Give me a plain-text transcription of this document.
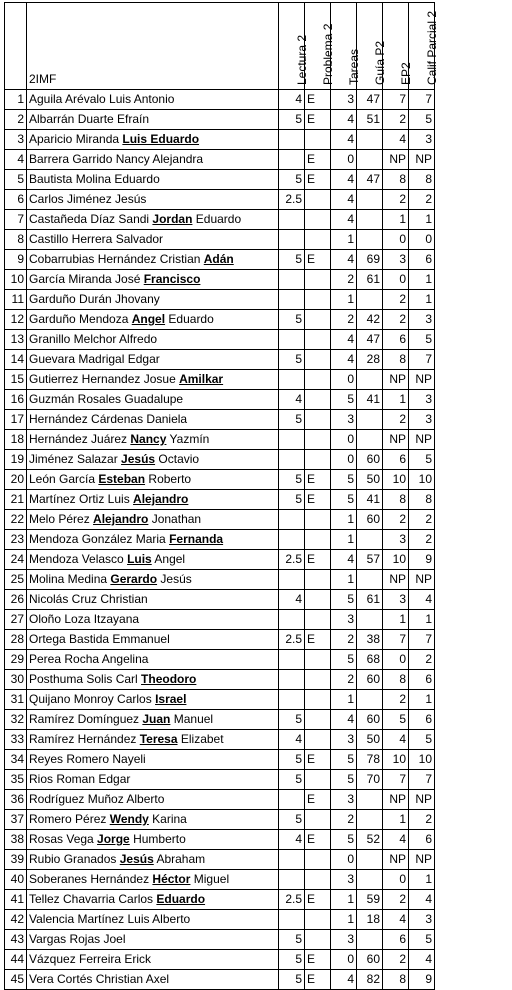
	2IMF	Lectura 2	Problema 2	Tareas	Guía P2	EP2	Calif Parcial 2

1	Aguila Arévalo Luis Antonio	4	E	3	47	7	7
2	Albarrán Duarte Efraín	5	E	4	51	2	5
3	Aparicio Miranda Luis Eduardo			4		4	3
4	Barrera Garrido Nancy Alejandra		E	0		NP	NP
5	Bautista Molina Eduardo	5	E	4	47	8	8
6	Carlos Jiménez Jesús	2.5		4		2	2
7	Castañeda Díaz Sandi Jordan Eduardo			4		1	1
8	Castillo Herrera Salvador			1		0	0
9	Cobarrubias Hernández Cristian Adán	5	E	4	69	3	6
10	García Miranda José Francisco			2	61	0	1
11	Garduño Durán Jhovany			1		2	1
12	Garduño Mendoza Angel Eduardo	5		2	42	2	3
13	Granillo Melchor Alfredo			4	47	6	5
14	Guevara Madrigal Edgar	5		4	28	8	7
15	Gutierrez Hernandez Josue Amilkar			0		NP	NP
16	Guzmán Rosales Guadalupe	4		5	41	1	3
17	Hernández Cárdenas Daniela	5		3		2	3
18	Hernández Juárez Nancy Yazmín			0		NP	NP
19	Jiménez Salazar Jesús Octavio			0	60	6	5
20	León García Esteban Roberto	5	E	5	50	10	10
21	Martínez Ortiz Luis Alejandro	5	E	5	41	8	8
22	Melo Pérez Alejandro Jonathan			1	60	2	2
23	Mendoza González Maria Fernanda			1		3	2
24	Mendoza Velasco Luis Angel	2.5	E	4	57	10	9
25	Molina Medina Gerardo Jesús			1		NP	NP
26	Nicolás Cruz Christian	4		5	61	3	4
27	Oloño Loza Itzayana			3		1	1
28	Ortega Bastida Emmanuel	2.5	E	2	38	7	7
29	Perea Rocha Angelina			5	68	0	2
30	Posthuma Solis Carl Theodoro			2	60	8	6
31	Quijano Monroy Carlos Israel			1		2	1
32	Ramírez Domínguez Juan Manuel	5		4	60	5	6
33	Ramírez Hernández Teresa Elizabet	4		3	50	4	5
34	Reyes Romero Nayeli	5	E	5	78	10	10
35	Rios Roman Edgar	5		5	70	7	7
36	Rodríguez Muñoz Alberto		E	3		NP	NP
37	Romero Pérez Wendy Karina	5		2		1	2
38	Rosas Vega Jorge Humberto	4	E	5	52	4	6
39	Rubio Granados Jesús Abraham			0		NP	NP
40	Soberanes Hernández Héctor Miguel			3		0	1
41	Tellez Chavarria Carlos Eduardo	2.5	E	1	59	2	4
42	Valencia Martínez Luis Alberto			1	18	4	3
43	Vargas Rojas Joel	5		3		6	5
44	Vázquez Ferreira Erick	5	E	0	60	2	4
45	Vera Cortés Christian Axel	5	E	4	82	8	9
